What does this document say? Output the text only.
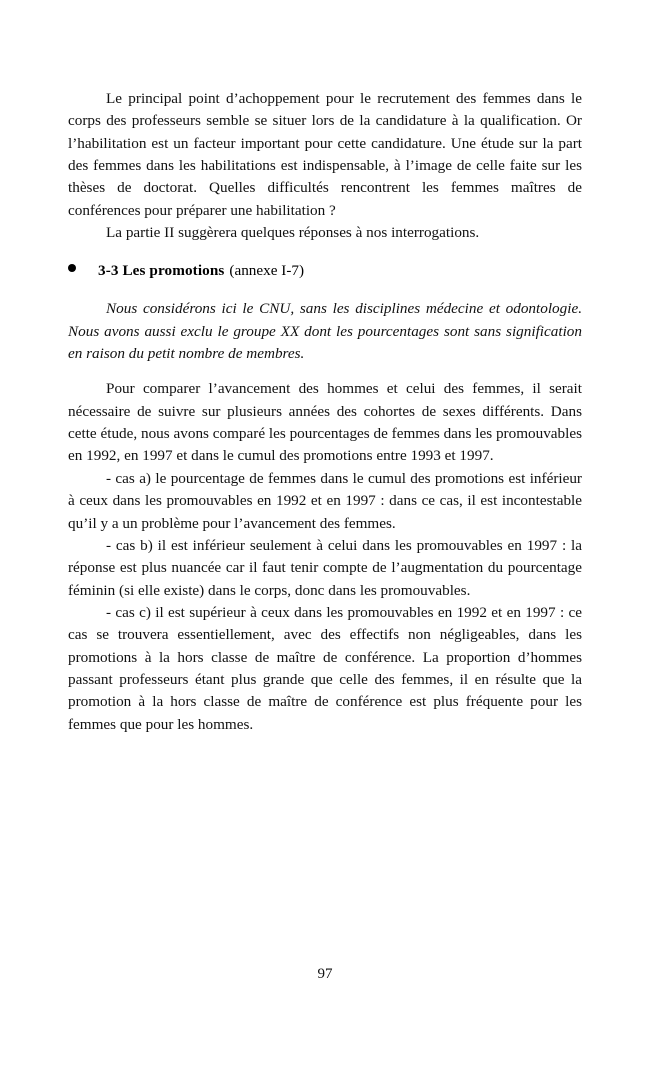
Le principal point d’achoppement pour le recrutement des femmes dans le corps des professeurs semble se situer lors de la candidature à la qualification. Or l’habilitation est un facteur important pour cette candidature. Une étude sur la part des femmes dans les habilitations est indispensable, à l’image de celle faite sur les thèses de doctorat. Quelles difficultés rencontrent les femmes maîtres de conférences pour préparer une habilitation ?

La partie II suggèrera quelques réponses à nos interrogations.

3-3 Les promotions (annexe I-7)

Nous considérons ici le CNU, sans les disciplines médecine et odontologie. Nous avons aussi exclu le groupe XX dont les pourcentages sont sans signification en raison du petit nombre de membres.

Pour comparer l’avancement des hommes et celui des femmes, il serait nécessaire de suivre sur plusieurs années des cohortes de sexes différents. Dans cette étude, nous avons comparé les pourcentages de femmes dans les promouvables en 1992, en 1997 et dans le cumul des promotions entre 1993 et 1997.

- cas a) le pourcentage de femmes dans le cumul des promotions est inférieur à ceux dans les promouvables en 1992 et en 1997 : dans ce cas, il est incontestable qu’il y a un problème pour l’avancement des femmes.

- cas b) il est inférieur seulement à celui dans les promouvables en 1997 : la réponse est plus nuancée car il faut tenir compte de l’augmentation du pourcentage féminin (si elle existe) dans le corps, donc dans les promouvables.

- cas c) il est supérieur à ceux dans les promouvables en 1992 et en 1997 : ce cas se trouvera essentiellement, avec des effectifs non négligeables, dans les promotions à la hors classe de maître de conférence. La proportion d’hommes passant professeurs étant plus grande que celle des femmes, il en résulte que la promotion à la hors classe de maître de conférence est plus fréquente pour les femmes que pour les hommes.

97
